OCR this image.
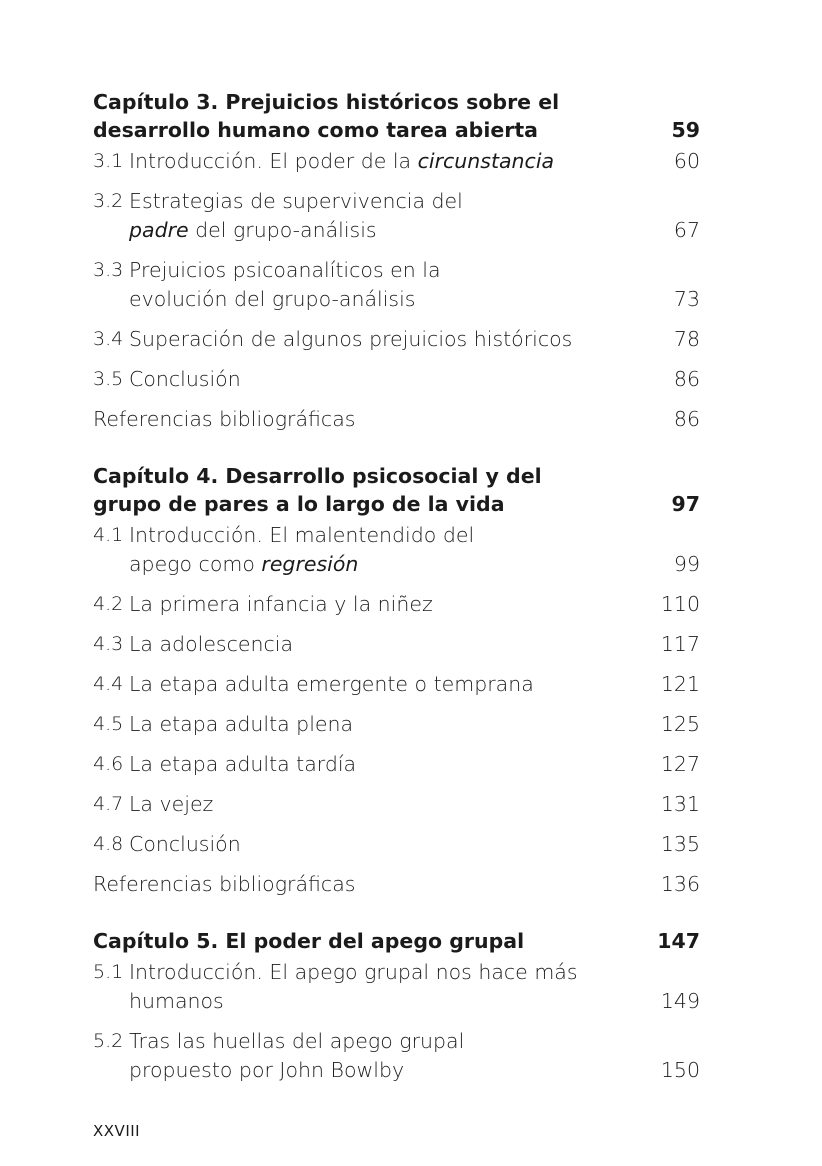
Capítulo 3. Prejuicios históricos sobre el desarrollo humano como tarea abierta	59
3.1 Introducción. El poder de la circunstancia	60
3.2 Estrategias de supervivencia del padre del grupo-análisis	67
3.3 Prejuicios psicoanalíticos en la evolución del grupo-análisis	73
3.4 Superación de algunos prejuicios históricos	78
3.5 Conclusión	86
Referencias bibliográficas	86
Capítulo 4. Desarrollo psicosocial y del grupo de pares a lo largo de la vida	97
4.1 Introducción. El malentendido del apego como regresión	99
4.2 La primera infancia y la niñez	110
4.3 La adolescencia	117
4.4 La etapa adulta emergente o temprana	121
4.5 La etapa adulta plena	125
4.6 La etapa adulta tardía	127
4.7 La vejez	131
4.8 Conclusión	135
Referencias bibliográficas	136
Capítulo 5. El poder del apego grupal	147
5.1 Introducción. El apego grupal nos hace más humanos	149
5.2 Tras las huellas del apego grupal propuesto por John Bowlby	150
XXVIII
